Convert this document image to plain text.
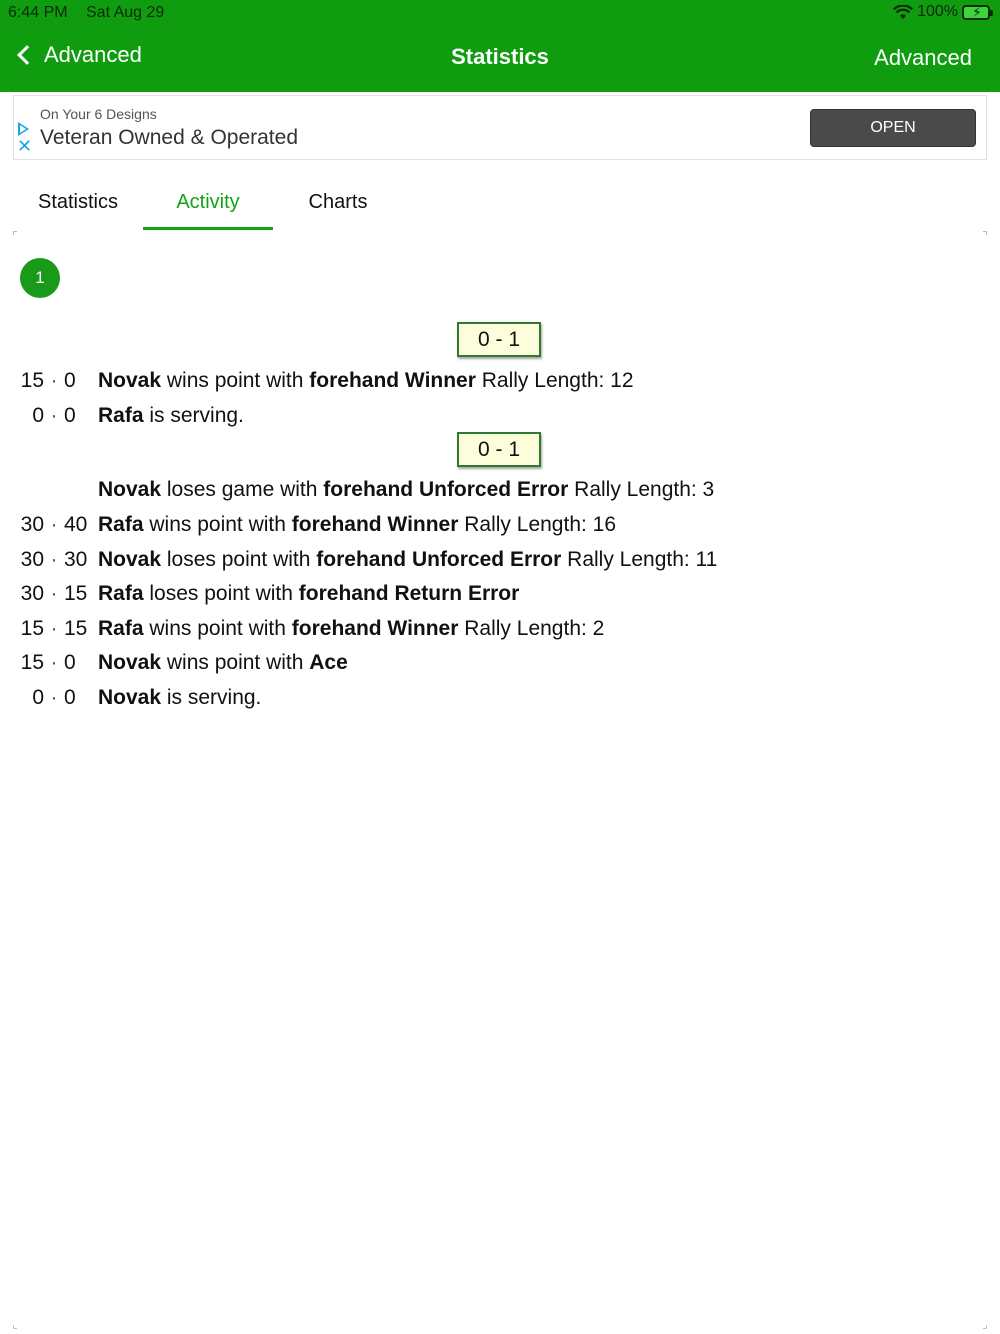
6:44 PM Sat Aug 29	100% ⚡
Advanced	Statistics	Advanced
✕
On Your 6 Designs
Veteran Owned & Operated	OPEN
Statistics	Activity	Charts
1
0 - 1
15 · 0	Novak wins point with forehand Winner Rally Length: 12
0 · 0	Rafa is serving.
0 - 1
Novak loses game with forehand Unforced Error Rally Length: 3
30 · 40 Rafa wins point with forehand Winner Rally Length: 16
30 · 30 Novak loses point with forehand Unforced Error Rally Length: 11
30 · 15 Rafa loses point with forehand Return Error
15 · 15 Rafa wins point with forehand Winner Rally Length: 2
15 · 0	Novak wins point with Ace
0 · 0	Novak is serving.
